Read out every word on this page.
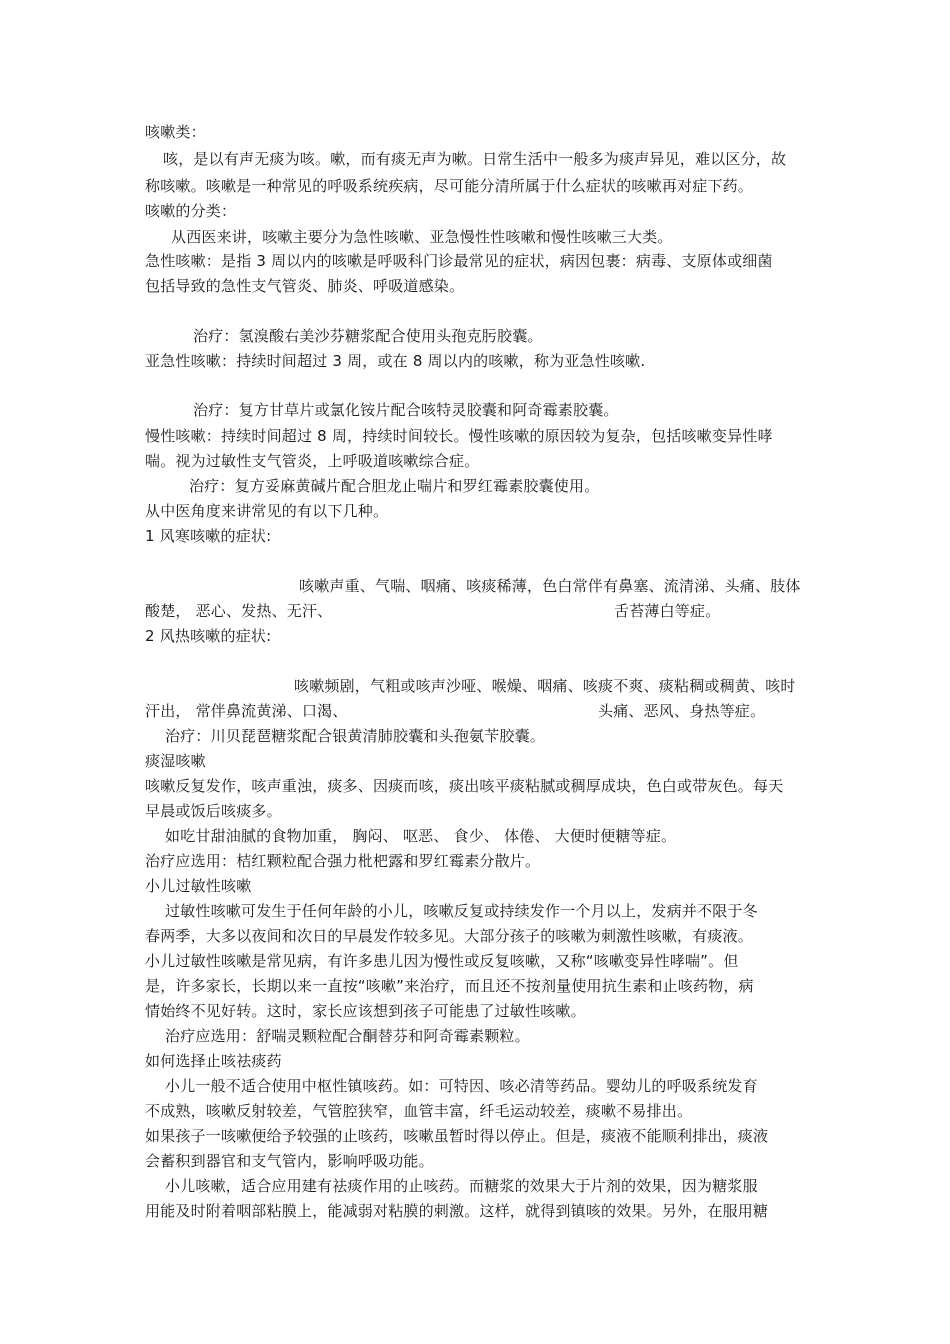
咳嗽类：
咳，是以有声无痰为咳。嗽，而有痰无声为嗽。日常生活中一般多为痰声异见，难以区分，故
称咳嗽。咳嗽是一种常见的呼吸系统疾病，尽可能分清所属于什么症状的咳嗽再对症下药。
咳嗽的分类：
从西医来讲，咳嗽主要分为急性咳嗽、亚急慢性性咳嗽和慢性咳嗽三大类。
急性咳嗽：是指 3 周以内的咳嗽是呼吸科门诊最常见的症状，病因包裹：病毒、支原体或细菌
包括导致的急性支气管炎、肺炎、呼吸道感染。
治疗：氢溴酸右美沙芬糖浆配合使用头孢克肟胶囊。
亚急性咳嗽：持续时间超过 3 周，或在 8 周以内的咳嗽，称为亚急性咳嗽.
治疗：复方甘草片或氯化铵片配合咳特灵胶囊和阿奇霉素胶囊。
慢性咳嗽：持续时间超过 8 周，持续时间较长。慢性咳嗽的原因较为复杂，包括咳嗽变异性哮
喘。视为过敏性支气管炎，上呼吸道咳嗽综合症。
治疗：复方妥麻黄碱片配合胆龙止喘片和罗红霉素胶囊使用。
从中医角度来讲常见的有以下几种。
1 风寒咳嗽的症状:
咳嗽声重、气喘、咽痛、咳痰稀薄，色白常伴有鼻塞、流清涕、头痛、肢体
酸楚， 恶心、发热、无汗、	舌苔薄白等症。
2 风热咳嗽的症状:
咳嗽频剧，气粗或咳声沙哑、喉燥、咽痛、咳痰不爽、痰粘稠或稠黄、咳时
汗出， 常伴鼻流黄涕、口渴、	头痛、恶风、身热等症。
治疗：川贝琵琶糖浆配合银黄清肺胶囊和头孢氨苄胶囊。
痰湿咳嗽
咳嗽反复发作，咳声重浊，痰多、因痰而咳，痰出咳平痰粘腻或稠厚成块，色白或带灰色。每天
早晨或饭后咳痰多。
如吃甘甜油腻的食物加重， 胸闷、 呕恶、 食少、 体倦、 大便时便糖等症。
治疗应选用：桔红颗粒配合强力枇杷露和罗红霉素分散片。
小儿过敏性咳嗽
过敏性咳嗽可发生于任何年龄的小儿，咳嗽反复或持续发作一个月以上，发病并不限于冬
春两季，大多以夜间和次日的早晨发作较多见。大部分孩子的咳嗽为刺激性咳嗽，有痰液。
小儿过敏性咳嗽是常见病，有许多患儿因为慢性或反复咳嗽，又称“咳嗽变异性哮喘”。但
是，许多家长，长期以来一直按“咳嗽”来治疗，而且还不按剂量使用抗生素和止咳药物，病
情始终不见好转。这时，家长应该想到孩子可能患了过敏性咳嗽。
治疗应选用：舒喘灵颗粒配合酮替芬和阿奇霉素颗粒。
如何选择止咳祛痰药
小儿一般不适合使用中枢性镇咳药。如：可特因、咳必清等药品。婴幼儿的呼吸系统发育
不成熟，咳嗽反射较差，气管腔狭窄，血管丰富，纤毛运动较差，痰嗽不易排出。
如果孩子一咳嗽便给予较强的止咳药，咳嗽虽暂时得以停止。但是，痰液不能顺利排出，痰液
会蓄积到器官和支气管内，影响呼吸功能。
小儿咳嗽，适合应用建有祛痰作用的止咳药。而糖浆的效果大于片剂的效果，因为糖浆服
用能及时附着咽部粘膜上，能减弱对粘膜的刺激。这样，就得到镇咳的效果。另外，在服用糖
